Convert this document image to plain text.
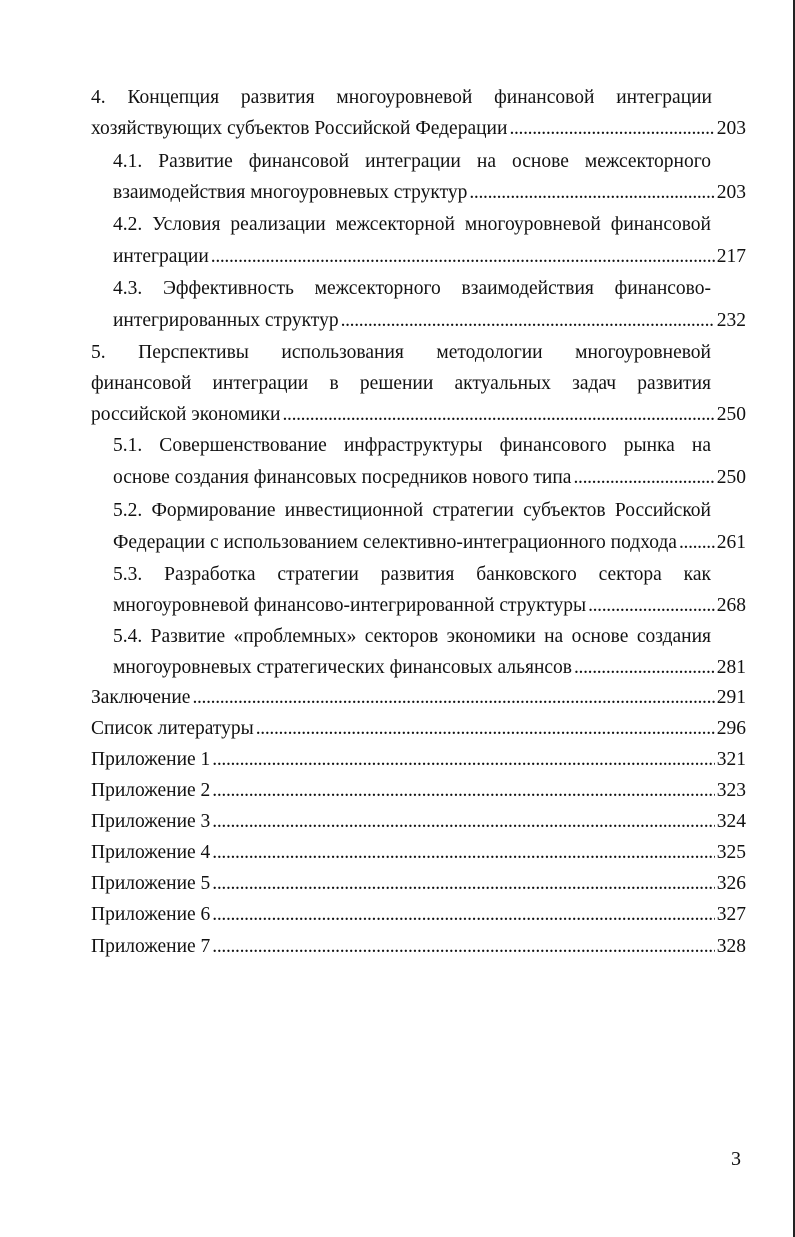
4. Концепция развития многоуровневой финансовой интеграции
хозяйствующих субъектов Российской Федерации . . .	203
4.1. Развитие финансовой интеграции на основе межсекторного
взаимодействия многоуровневых структур . . .	203
4.2. Условия реализации межсекторной многоуровневой финансовой
интеграции . . .	217
4.3. Эффективность межсекторного взаимодействия финансово-
интегрированных структур . . .	232
5. Перспективы использования методологии многоуровневой
финансовой интеграции в решении актуальных задач развития
российской экономики . . .	250
5.1. Совершенствование инфраструктуры финансового рынка на
основе создания финансовых посредников нового типа . . .	250
5.2. Формирование инвестиционной стратегии субъектов Российской
Федерации с использованием селективно-интеграционного подхода . . . 261
5.3. Разработка стратегии развития банковского сектора как
многоуровневой финансово-интегрированной структуры . . .	268
5.4. Развитие «проблемных» секторов экономики на основе создания
многоуровневых стратегических финансовых альянсов . . .	281
Заключение . . .	291
Список литературы . . .	296
Приложение 1 . . .	321
Приложение 2 . . .	323
Приложение 3 . . .	324
Приложение 4 . . .	325
Приложение 5 . . .	326
Приложение 6 . . .	327
Приложение 7 . . .	328
3
